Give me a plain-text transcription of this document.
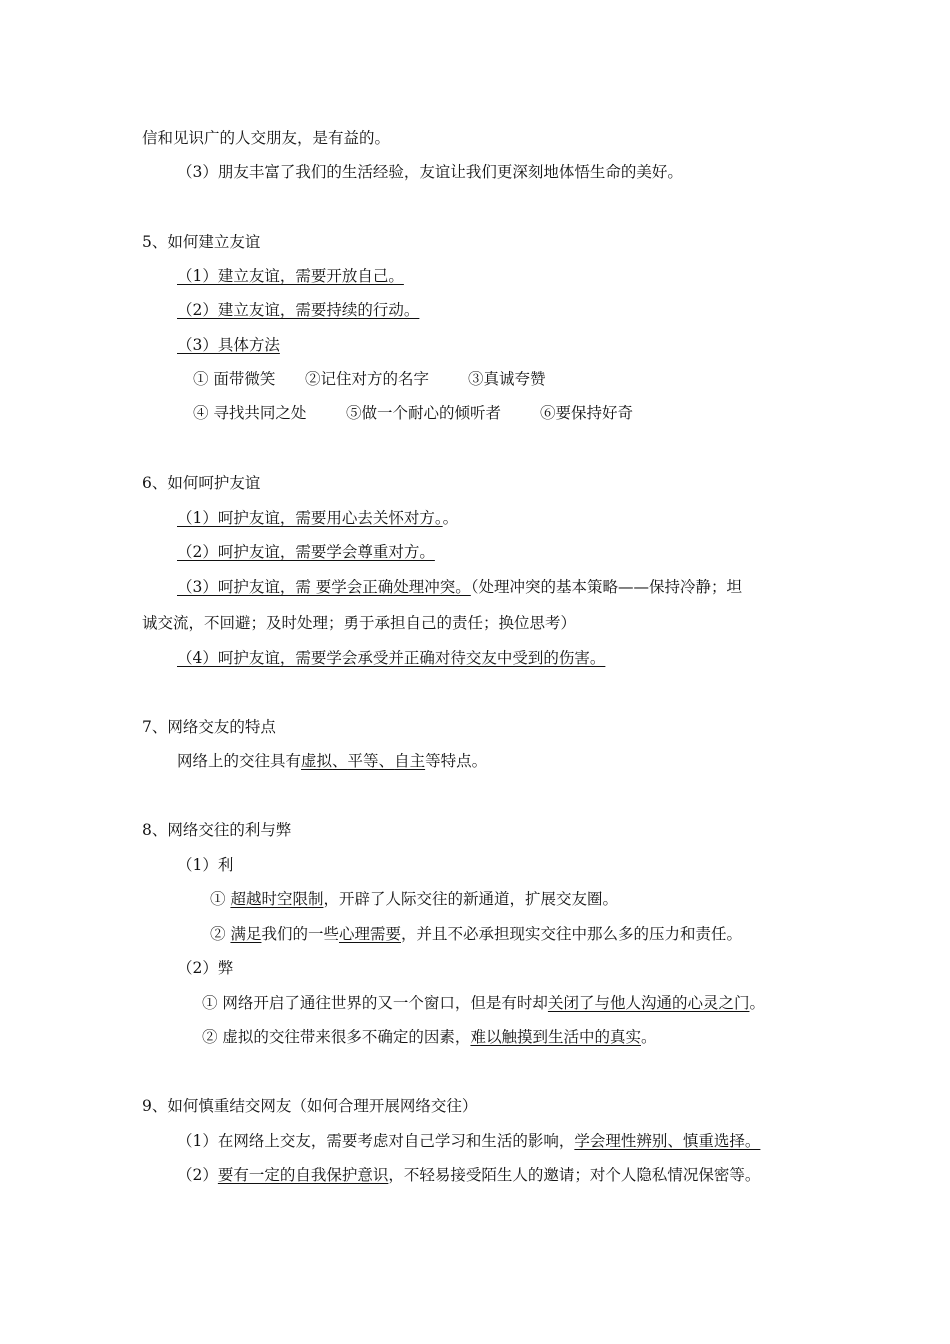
信和见识广的人交朋友，是有益的。
（3）朋友丰富了我们的生活经验，友谊让我们更深刻地体悟生命的美好。
5、如何建立友谊
（1）建立友谊，需要开放自己。
（2）建立友谊，需要持续的行动。
（3）具体方法
① 面带微笑 ②记住对方的名字	③真诚夸赞
④ 寻找共同之处	⑤做一个耐心的倾听者	⑥要保持好奇
6、如何呵护友谊
（1）呵护友谊，需要用心去关怀对方。。
（2）呵护友谊，需要学会尊重对方。
（3）呵护友谊，需 要学会正确处理冲突。（处理冲突的基本策略——保持冷静；坦
诚交流，不回避；及时处理；勇于承担自己的责任；换位思考）
（4）呵护友谊，需要学会承受并正确对待交友中受到的伤害。
7、网络交友的特点
网络上的交往具有虚拟、平等、自主等特点。
8、网络交往的利与弊
（1）利
① 超越时空限制，开辟了人际交往的新通道，扩展交友圈。
② 满足我们的一些心理需要，并且不必承担现实交往中那么多的压力和责任。
（2）弊
① 网络开启了通往世界的又一个窗口，但是有时却关闭了与他人沟通的心灵之门。
② 虚拟的交往带来很多不确定的因素，难以触摸到生活中的真实。
9、如何慎重结交网友（如何合理开展网络交往）
（1）在网络上交友，需要考虑对自己学习和生活的影响，学会理性辨别、慎重选择。
（2）要有一定的自我保护意识，不轻易接受陌生人的邀请；对个人隐私情况保密等。
